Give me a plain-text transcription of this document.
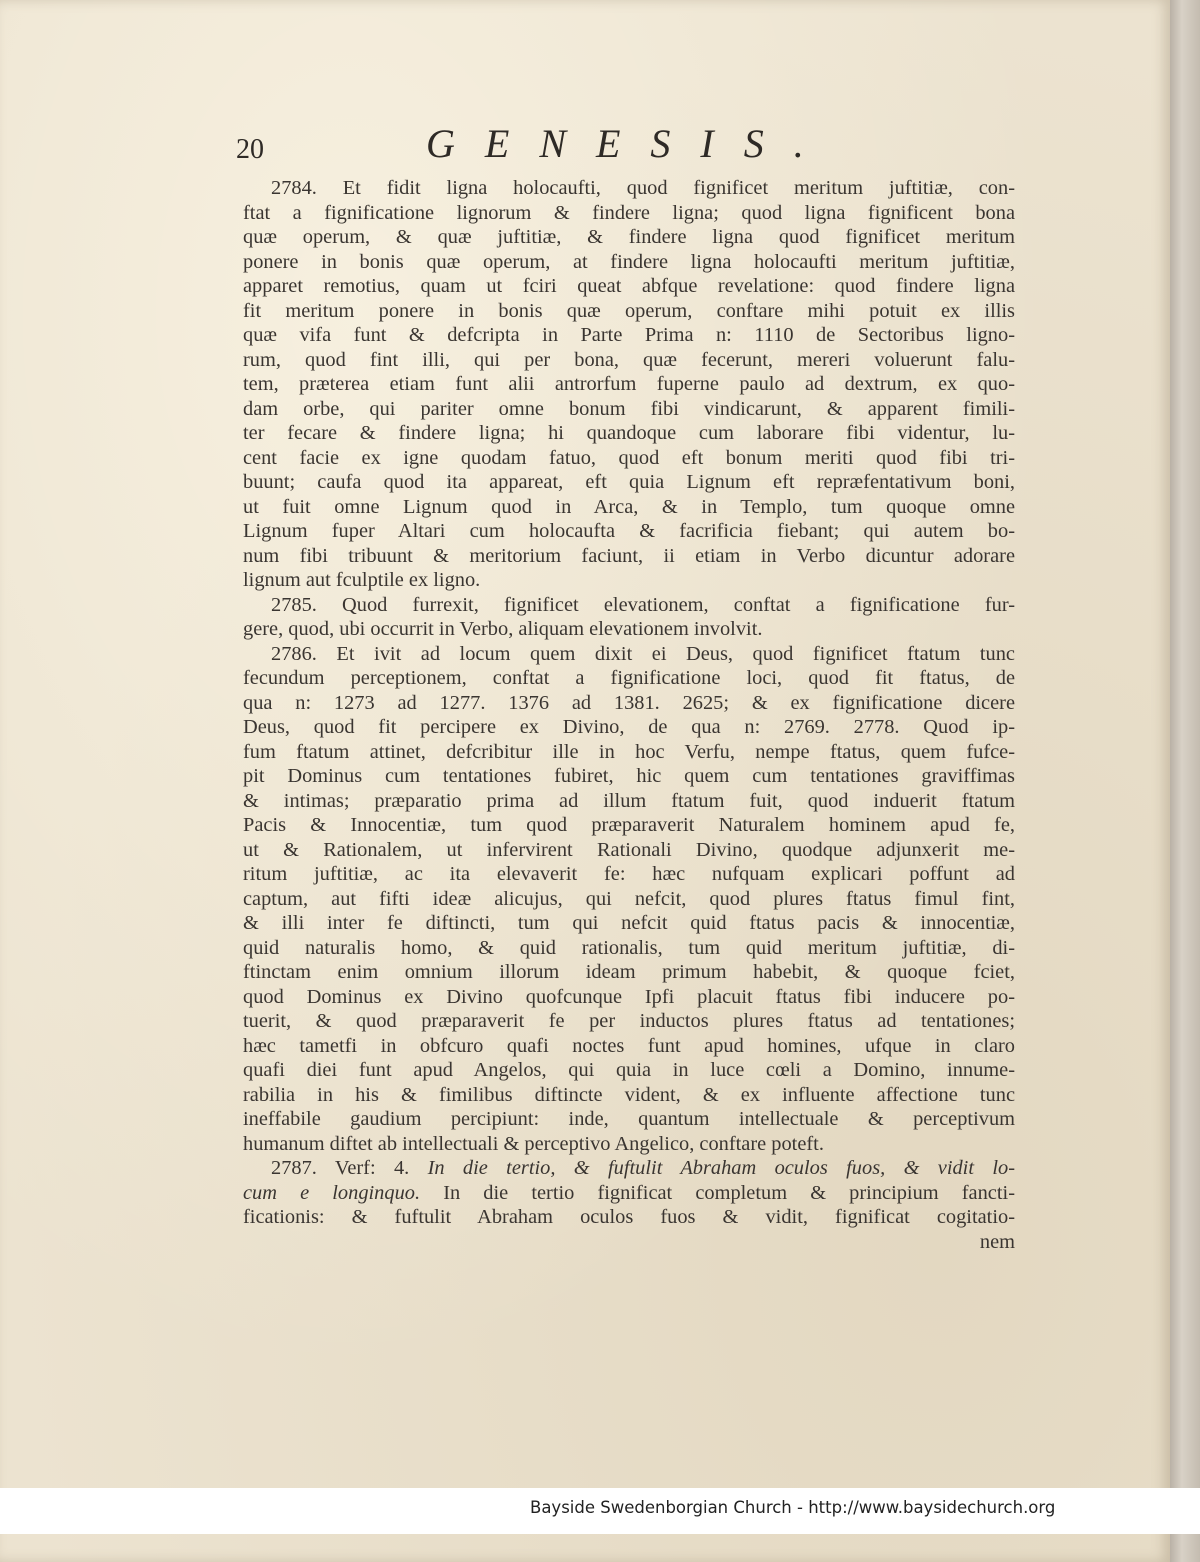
20	GENESIS.
2784. Et fidit ligna holocaufti, quod fignificet meritum juftitiæ, con-
ftat a fignificatione lignorum & findere ligna; quod ligna fignificent bona
quæ operum, & quæ juftitiæ, & findere ligna quod fignificet meritum
ponere in bonis quæ operum, at findere ligna holocaufti meritum juftitiæ,
apparet remotius, quam ut fciri queat abfque revelatione: quod findere ligna
fit meritum ponere in bonis quæ operum, conftare mihi potuit ex illis
quæ vifa funt & defcripta in Parte Prima n: 1110 de Sectoribus ligno-
rum, quod fint illi, qui per bona, quæ fecerunt, mereri voluerunt falu-
tem, præterea etiam funt alii antrorfum fuperne paulo ad dextrum, ex quo-
dam orbe, qui pariter omne bonum fibi vindicarunt, & apparent fimili-
ter fecare & findere ligna; hi quandoque cum laborare fibi videntur, lu-
cent facie ex igne quodam fatuo, quod eft bonum meriti quod fibi tri-
buunt; caufa quod ita appareat, eft quia Lignum eft repræfentativum boni,
ut fuit omne Lignum quod in Arca, & in Templo, tum quoque omne
Lignum fuper Altari cum holocaufta & facrificia fiebant; qui autem bo-
num fibi tribuunt & meritorium faciunt, ii etiam in Verbo dicuntur adorare
lignum aut fculptile ex ligno.
2785. Quod furrexit, fignificet elevationem, conftat a fignificatione fur-
gere, quod, ubi occurrit in Verbo, aliquam elevationem involvit.
2786. Et ivit ad locum quem dixit ei Deus, quod fignificet ftatum tunc
fecundum perceptionem, conftat a fignificatione loci, quod fit ftatus, de
qua n: 1273 ad 1277. 1376 ad 1381. 2625; & ex fignificatione dicere
Deus, quod fit percipere ex Divino, de qua n: 2769. 2778. Quod ip-
fum ftatum attinet, defcribitur ille in hoc Verfu, nempe ftatus, quem fufce-
pit Dominus cum tentationes fubiret, hic quem cum tentationes graviffimas
& intimas; præparatio prima ad illum ftatum fuit, quod induerit ftatum
Pacis & Innocentiæ, tum quod præparaverit Naturalem hominem apud fe,
ut & Rationalem, ut infervirent Rationali Divino, quodque adjunxerit me-
ritum juftitiæ, ac ita elevaverit fe: hæc nufquam explicari poffunt ad
captum, aut fifti ideæ alicujus, qui nefcit, quod plures ftatus fimul fint,
& illi inter fe diftincti, tum qui nefcit quid ftatus pacis & innocentiæ,
quid naturalis homo, & quid rationalis, tum quid meritum juftitiæ, di-
ftinctam enim omnium illorum ideam primum habebit, & quoque fciet,
quod Dominus ex Divino quofcunque Ipfi placuit ftatus fibi inducere po-
tuerit, & quod præparaverit fe per inductos plures ftatus ad tentationes;
hæc tametfi in obfcuro quafi noctes funt apud homines, ufque in claro
quafi diei funt apud Angelos, qui quia in luce cœli a Domino, innume-
rabilia in his & fimilibus diftincte vident, & ex influente affectione tunc
ineffabile gaudium percipiunt: inde, quantum intellectuale & perceptivum
humanum diftet ab intellectuali & perceptivo Angelico, conftare poteft.
2787. Verf: 4. In die tertio, & fuftulit Abraham oculos fuos, & vidit lo-
cum e longinquo. In die tertio fignificat completum & principium fancti-
ficationis: & fuftulit Abraham oculos fuos & vidit, fignificat cogitatio-
nem
Bayside Swedenborgian Church - http://www.baysidechurch.org
